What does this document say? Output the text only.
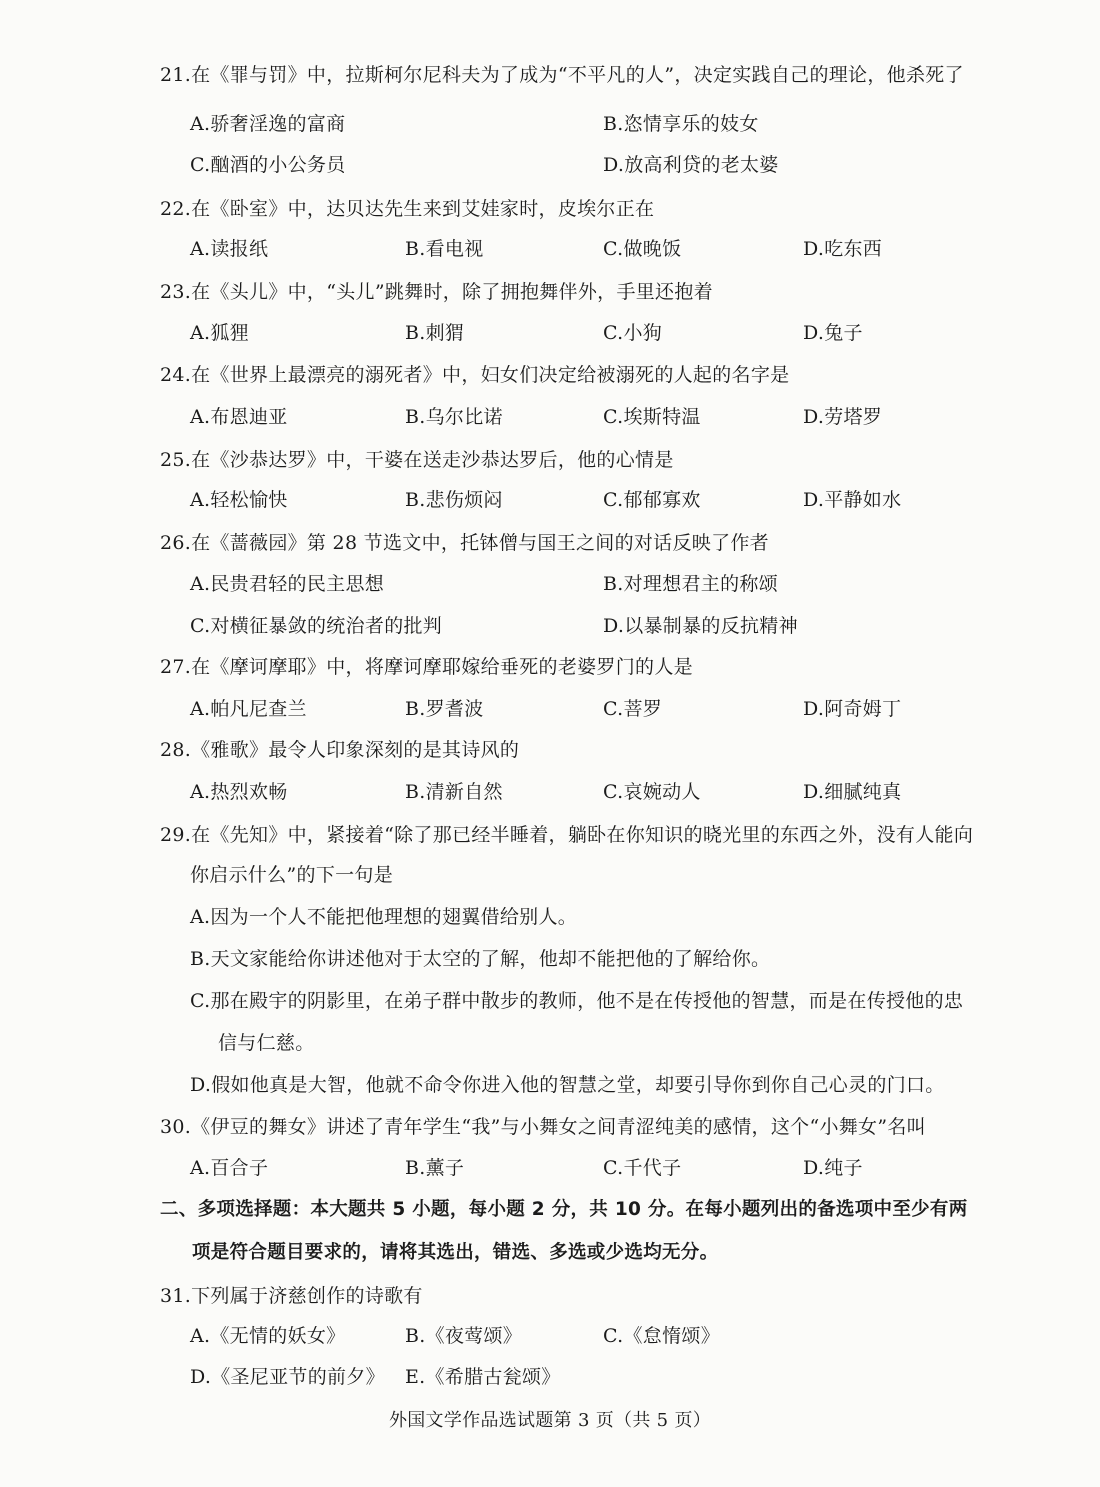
21.在《罪与罚》中，拉斯柯尔尼科夫为了成为“不平凡的人”，决定实践自己的理论，他杀死了
A.骄奢淫逸的富商	B.恣情享乐的妓女
C.酗酒的小公务员	D.放高利贷的老太婆
22.在《卧室》中，达贝达先生来到艾娃家时，皮埃尔正在
A.读报纸	B.看电视	C.做晚饭	D.吃东西
23.在《头儿》中，“头儿”跳舞时，除了拥抱舞伴外，手里还抱着
A.狐狸	B.刺猬	C.小狗	D.兔子
24.在《世界上最漂亮的溺死者》中，妇女们决定给被溺死的人起的名字是
A.布恩迪亚	B.乌尔比诺	C.埃斯特温	D.劳塔罗
25.在《沙恭达罗》中，干婆在送走沙恭达罗后，他的心情是
A.轻松愉快	B.悲伤烦闷	C.郁郁寡欢	D.平静如水
26.在《蔷薇园》第 28 节选文中，托钵僧与国王之间的对话反映了作者
A.民贵君轻的民主思想	B.对理想君主的称颂
C.对横征暴敛的统治者的批判	D.以暴制暴的反抗精神
27.在《摩诃摩耶》中，将摩诃摩耶嫁给垂死的老婆罗门的人是
A.帕凡尼查兰	B.罗耆波	C.菩罗	D.阿奇姆丁
28.《雅歌》最令人印象深刻的是其诗风的
A.热烈欢畅	B.清新自然	C.哀婉动人	D.细腻纯真
29.在《先知》中，紧接着“除了那已经半睡着，躺卧在你知识的晓光里的东西之外，没有人能向
你启示什么”的下一句是
A.因为一个人不能把他理想的翅翼借给别人。
B.天文家能给你讲述他对于太空的了解，他却不能把他的了解给你。
C.那在殿宇的阴影里，在弟子群中散步的教师，他不是在传授他的智慧，而是在传授他的忠
信与仁慈。
D.假如他真是大智，他就不命令你进入他的智慧之堂，却要引导你到你自己心灵的门口。
30.《伊豆的舞女》讲述了青年学生“我”与小舞女之间青涩纯美的感情，这个“小舞女”名叫
A.百合子	B.薰子	C.千代子	D.纯子
二、多项选择题：本大题共 5 小题，每小题 2 分，共 10 分。在每小题列出的备选项中至少有两
项是符合题目要求的，请将其选出，错选、多选或少选均无分。
31.下列属于济慈创作的诗歌有
A.《无情的妖女》	B.《夜莺颂》	C.《怠惰颂》
D.《圣尼亚节的前夕》 E.《希腊古瓮颂》
外国文学作品选试题第 3 页（共 5 页）
